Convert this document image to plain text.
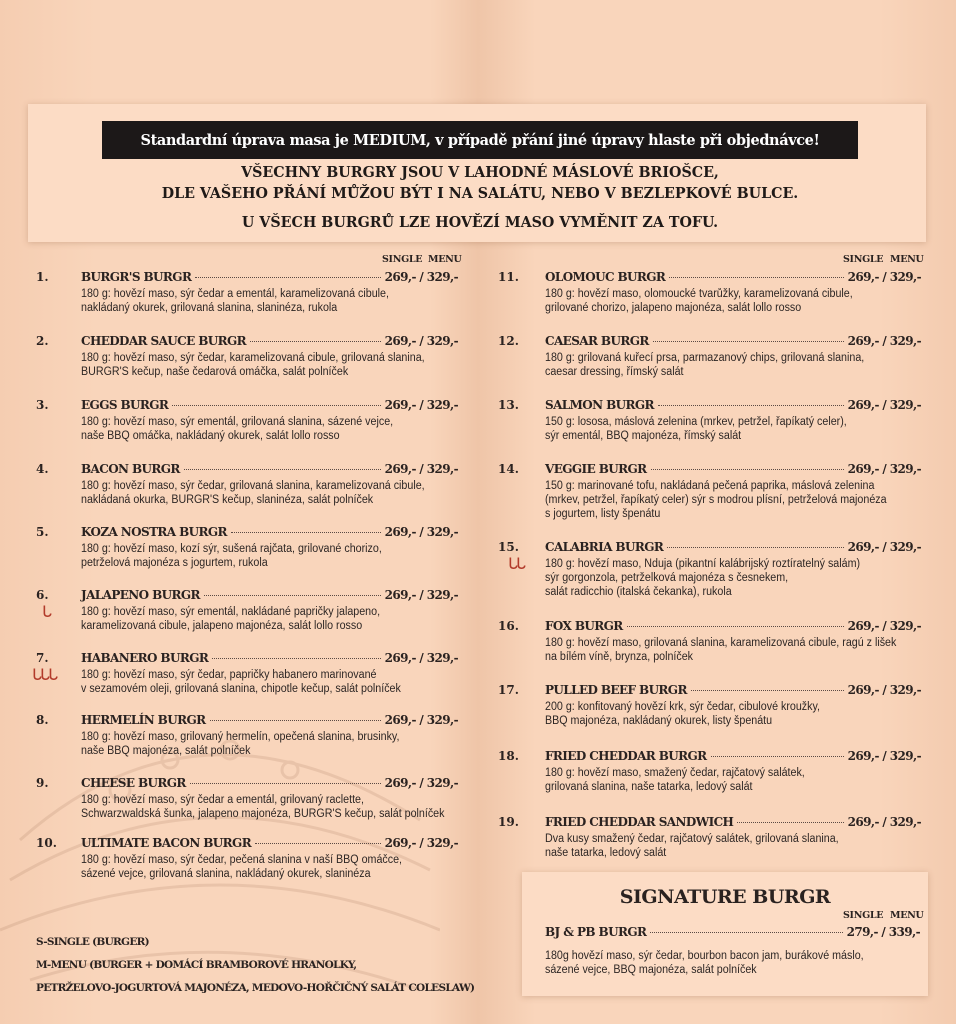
Standardní úprava masa je MEDIUM, v případě přání jiné úpravy hlaste při objednávce!
VŠECHNY BURGRY JSOU V LAHODNÉ MÁSLOVÉ BRIOŠCE,
DLE VAŠEHO PŘÁNÍ MŮŽOU BÝT I NA SALÁTU, NEBO V BEZLEPKOVÉ BULCE.
U VŠECH BURGRŮ LZE HOVĚZÍ MASO VYMĚNIT ZA TOFU.
SINGLE MENU	SINGLE MENU
1.	BURGR'S BURGR	269,- / 329,-
180 g: hovězí maso, sýr čedar a ementál, karamelizovaná cibule,
nakládaný okurek, grilovaná slanina, slaninéza, rukola
2.	CHEDDAR SAUCE BURGR	269,- / 329,-
180 g: hovězí maso, sýr čedar, karamelizovaná cibule, grilovaná slanina,
BURGR'S kečup, naše čedarová omáčka, salát polníček
3.	EGGS BURGR	269,- / 329,-
180 g: hovězí maso, sýr ementál, grilovaná slanina, sázené vejce,
naše BBQ omáčka, nakládaný okurek, salát lollo rosso
4.	BACON BURGR	269,- / 329,-
180 g: hovězí maso, sýr čedar, grilovaná slanina, karamelizovaná cibule,
nakládaná okurka, BURGR'S kečup, slaninéza, salát polníček
5.	KOZA NOSTRA BURGR	269,- / 329,-
180 g: hovězí maso, kozí sýr, sušená rajčata, grilované chorizo,
petrželová majonéza s jogurtem, rukola
6.	JALAPENO BURGR	269,- / 329,-
180 g: hovězí maso, sýr ementál, nakládané papričky jalapeno,
karamelizovaná cibule, jalapeno majonéza, salát lollo rosso
ᒐ
7.	HABANERO BURGR	269,- / 329,-
180 g: hovězí maso, sýr čedar, papričky habanero marinované
v sezamovém oleji, grilovaná slanina, chipotle kečup, salát polníček
ᒐᒐᒐ
8.	HERMELÍN BURGR	269,- / 329,-
180 g: hovězí maso, grilovaný hermelín, opečená slanina, brusinky,
naše BBQ majonéza, salát polníček
9.	CHEESE BURGR	269,- / 329,-
180 g: hovězí maso, sýr čedar a ementál, grilovaný raclette,
Schwarzwaldská šunka, jalapeno majonéza, BURGR'S kečup, salát polníček
10. ULTIMATE BACON BURGR	269,- / 329,-
180 g: hovězí maso, sýr čedar, pečená slanina v naší BBQ omáčce,
sázené vejce, grilovaná slanina, nakládaný okurek, slaninéza
11. OLOMOUC BURGR	269,- / 329,-
180 g: hovězí maso, olomoucké tvarůžky, karamelizovaná cibule,
grilované chorizo, jalapeno majonéza, salát lollo rosso
12. CAESAR BURGR	269,- / 329,-
180 g: grilovaná kuřecí prsa, parmazanový chips, grilovaná slanina,
caesar dressing, římský salát
13. SALMON BURGR	269,- / 329,-
150 g: lososa, máslová zelenina (mrkev, petržel, řapíkatý celer),
sýr ementál, BBQ majonéza, římský salát
14. VEGGIE BURGR	269,- / 329,-
150 g: marinované tofu, nakládaná pečená paprika, máslová zelenina
(mrkev, petržel, řapíkatý celer) sýr s modrou plísní, petrželová majonéza
s jogurtem, listy špenátu
15. CALABRIA BURGR	269,- / 329,-
180 g: hovězí maso, Nduja (pikantní kalábrijský roztíratelný salám)
sýr gorgonzola, petrželková majonéza s česnekem,
salát radicchio (italská čekanka), rukola
ᒐᒐ
16. FOX BURGR	269,- / 329,-
180 g: hovězí maso, grilovaná slanina, karamelizovaná cibule, ragú z lišek
na bílém víně, brynza, polníček
17. PULLED BEEF BURGR	269,- / 329,-
200 g: konfitovaný hovězí krk, sýr čedar, cibulové kroužky,
BBQ majonéza, nakládaný okurek, listy špenátu
18. FRIED CHEDDAR BURGR	269,- / 329,-
180 g: hovězí maso, smažený čedar, rajčatový salátek,
grilovaná slanina, naše tatarka, ledový salát
19. FRIED CHEDDAR SANDWICH	269,- / 329,-
Dva kusy smažený čedar, rajčatový salátek, grilovaná slanina,
naše tatarka, ledový salát
SIGNATURE BURGR
SINGLE MENU
BJ & PB BURGR	279,- / 339,-
180g hovězí maso, sýr čedar, bourbon bacon jam, burákové máslo,
sázené vejce, BBQ majonéza, salát polníček
S-SINGLE (BURGER)
M-MENU (BURGER + DOMÁCÍ BRAMBOROVÉ HRANOLKY,
PETRŽELOVO-JOGURTOVÁ MAJONÉZA, MEDOVO-HOŘČIČNÝ SALÁT COLESLAW)
